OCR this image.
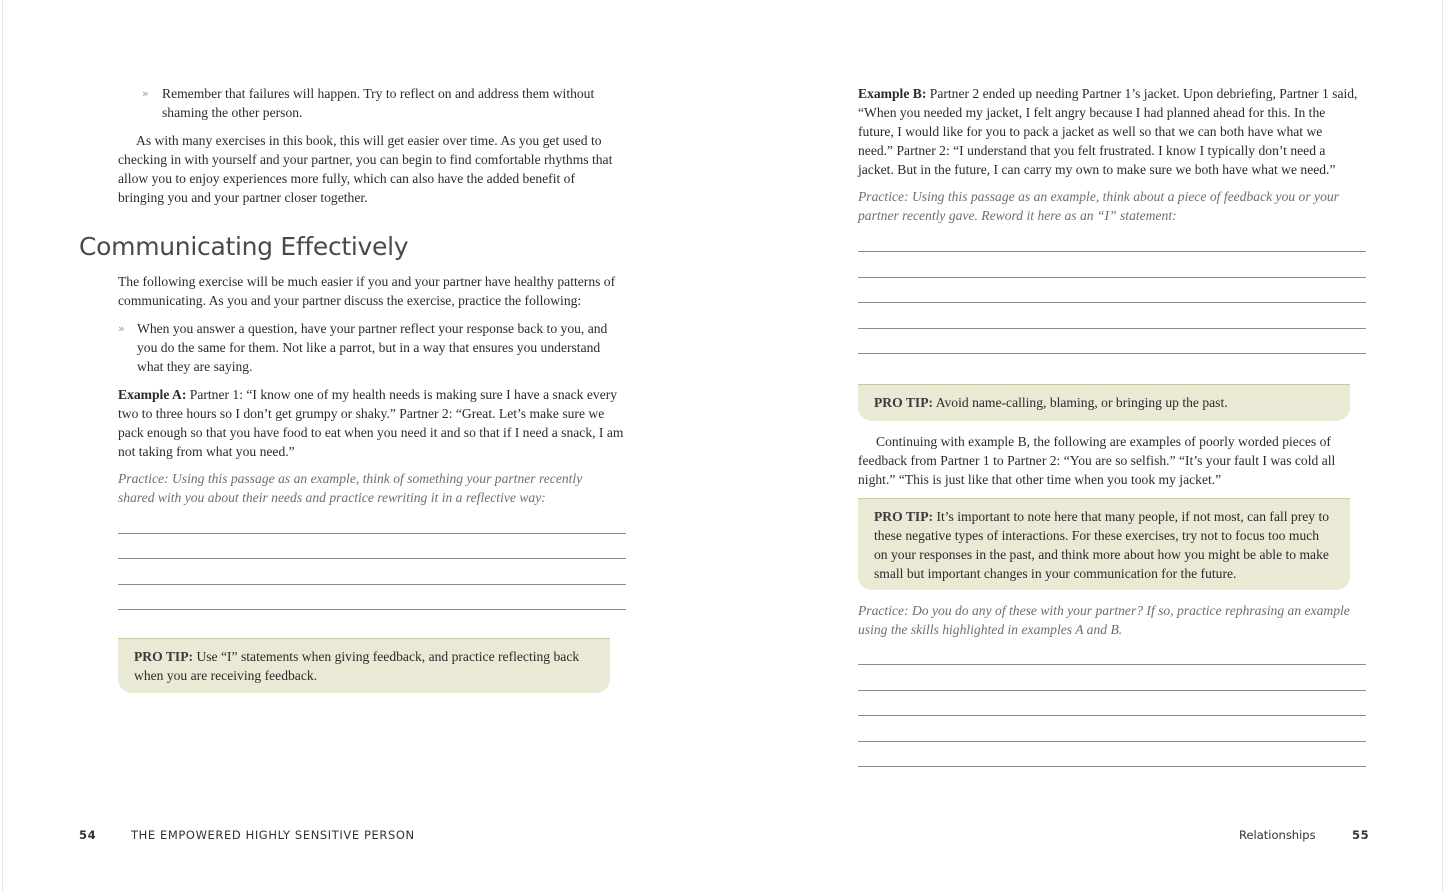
» Remember that failures will happen. Try to reflect on and address them without shaming the other person.

As with many exercises in this book, this will get easier over time. As you get used to checking in with yourself and your partner, you can begin to find comfortable rhythms that allow you to enjoy experiences more fully, which can also have the added benefit of bringing you and your partner closer together.

Communicating Effectively

The following exercise will be much easier if you and your partner have healthy patterns of communicating. As you and your partner discuss the exercise, practice the following:

» When you answer a question, have your partner reflect your response back to you, and you do the same for them. Not like a parrot, but in a way that ensures you understand what they are saying.

Example A: Partner 1: “I know one of my health needs is making sure I have a snack every two to three hours so I don’t get grumpy or shaky.” Partner 2: “Great. Let’s make sure we pack enough so that you have food to eat when you need it and so that if I need a snack, I am not taking from what you need.”

Practice: Using this passage as an example, think of something your partner recently shared with you about their needs and practice rewriting it in a reflective way:

PRO TIP: Use “I” statements when giving feedback, and practice reflecting back when you are receiving feedback.
54	THE EMPOWERED HIGHLY SENSITIVE PERSON

Example B: Partner 2 ended up needing Partner 1’s jacket. Upon debriefing, Partner 1 said, “When you needed my jacket, I felt angry because I had planned ahead for this. In the future, I would like for you to pack a jacket as well so that we can both have what we need.” Partner 2: “I understand that you felt frustrated. I know I typically don’t need a jacket. But in the future, I can carry my own to make sure we both have what we need.”

Practice: Using this passage as an example, think about a piece of feedback you or your partner recently gave. Reword it here as an “I” statement:

PRO TIP: Avoid name-calling, blaming, or bringing up the past.

Continuing with example B, the following are examples of poorly worded pieces of feedback from Partner 1 to Partner 2: “You are so selfish.” “It’s your fault I was cold all night.” “This is just like that other time when you took my jacket.”

PRO TIP: It’s important to note here that many people, if not most, can fall prey to these negative types of interactions. For these exercises, try not to focus too much on your responses in the past, and think more about how you might be able to make small but important changes in your communication for the future.

Practice: Do you do any of these with your partner? If so, practice rephrasing an example using the skills highlighted in examples A and B.

Relationships	55
